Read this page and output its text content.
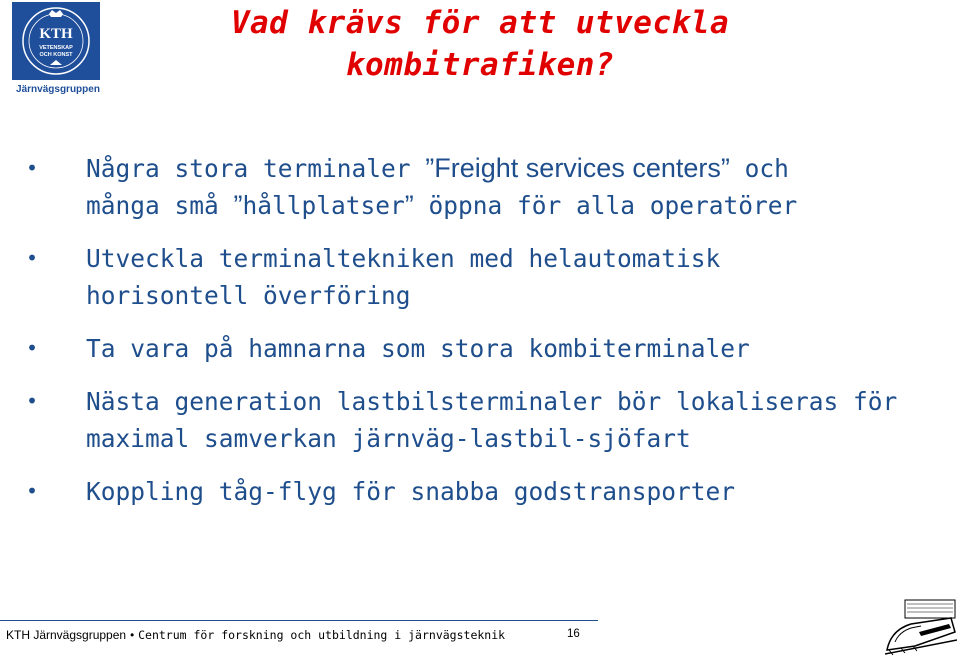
KTH
VETENSKAP
OCH KONST
Järnvägsgruppen
Vad krävs för att utveckla
kombitrafiken?
• Några stora terminaler ”Freight services centers” och
många små ”hållplatser” öppna för alla operatörer
• Utveckla terminaltekniken med helautomatisk
horisontell överföring
• Ta vara på hamnarna som stora kombiterminaler
• Nästa generation lastbilsterminaler bör lokaliseras för
maximal samverkan järnväg-lastbil-sjöfart
• Koppling tåg-flyg för snabba godstransporter
KTH Järnvägsgruppen • Centrum för forskning och utbildning i järnvägsteknik	16
